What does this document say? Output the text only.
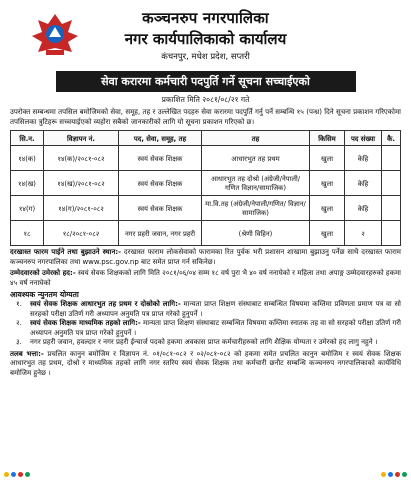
कञ्चनरुप नगरपालिका
नगर कार्यपालिकाको कार्यालय
कंचनपुर, मधेश प्रदेश, सप्तरी
सेवा करारमा कर्मचारी पदपुर्ति गर्ने सूचना सच्चाईएको
प्रकाशित मिति २०८१/०८/२१ गते
उपरोक्त सम्बन्धमा तपसिल बमोजिमको सेवा, समूह, तह र उल्लेखित पदहरु सेवा करारमा पदपुर्ति गर्नु पर्ने सम्बन्धि १५ (पन्ध्र) दिने सूचना प्रकाशन गरिएकोमा तपसिलका त्रुटिहरू सच्चयाईएको व्यहोरा सबैको जानकारीको लागि यो सूचना प्रकाशन गरिएको छ।
सि.न.	विज्ञापन नं.	पद, सेवा, समूह, तह	तह	किसिम	पद संख्या	कै.
१४(क)	१४(क)/२०८१-०८२	स्वयं सेवक शिक्षक	आधारभुत तह प्रथम	खुला	केहि	
१४(ख)	१४(ख)/२०८१-०८२	स्वयं सेवक शिक्षक	आधारभुत तह दोश्रो (अंग्रेजी/नेपाली/गणित विज्ञान/सामाजिक)	खुला	केहि	
१४(ग)	१४(ग)/२०८१-०८२	स्वयं सेवक शिक्षक	मा.वि.तह (अंग्रेजी/नेपाली/गणित/ विज्ञान/सामाजिक)	खुला	केहि	
१८	१८/२०८१-०८२	नगर प्रहरी जवान, नगर प्रहरी	(श्रेणी विहिन)	खुला	२	
दरखास्त फारम पाईने तथा बुझाउने स्थान:- दरखास्त फाराम लोकसेवाको फारामका रित पुर्वक भरी प्रशासन शाखामा बुझाउनु पर्नेछ साथै दरखास्त फाराम कञ्चनरुप नगरपालिका तथा www.psc.gov.np बाट समेत प्राप्त गर्न सकिनेछ।
उम्मेदवारको उमेरको हद:- स्वयं सेवक शिक्षकको लागि मिति २०८१/०६/०४ सम्म १८ वर्ष पुरा भै ४० वर्ष ननाघेको र महिला तथा अपाङ्ग उम्मेदवारहरुको हकमा ४५ वर्ष ननाघेको
आवश्यक न्युनतम योग्यता
१.	स्वयं सेवक शिक्षक आधारभुत तह प्रथम र दोस्रोको लागि:- मान्यता प्राप्त शिक्षण संस्थाबाट सम्बन्धित विषयमा कम्तिमा प्रविणता प्रमाण पत्र वा सो सरहको परीक्षा उतिर्ण गरी अध्यापन अनुमति पत्र प्राप्त गरेको हुनुपर्ने ।
२.	स्वयं सेवक शिक्षक माध्यमिक तहको लागि:- मान्यता प्राप्त शिक्षण संस्थाबाट सम्बन्धित विषयमा कम्तिमा स्नातक तह वा सो सरहको परीक्षा उतिर्ण गरी अध्यापन अनुमति पत्र प्राप्त गरेको हुनुपर्ने ।
३.	नगर प्रहरी जवान, हवल्दार र नगर प्रहरी ईन्चार्ज पदको हकमा अवकास प्राप्त कर्मचारीहरुको लागि शैक्षिक योग्यता र उमेरको हद लागु नहुने ।
तलब भत्ता:- प्रचलित कानुन बमोजिम र विज्ञापन नं. ०१/०८१-०८२ र ०२/०८१-०८२ को हकमा समेत प्रचलित कानुन बमोजिम र स्वयं सेवक शिक्षक आधारभुत तह प्रथम, दोश्रो र माध्यमिक तहको लागि नगर स्तरिय स्वयं सेवक शिक्षक तथा कर्मचारी छनौट सम्बन्धि कञ्चनरुप नगरपालिकाको कार्यविधि बमोजिम हुनेछ ।
